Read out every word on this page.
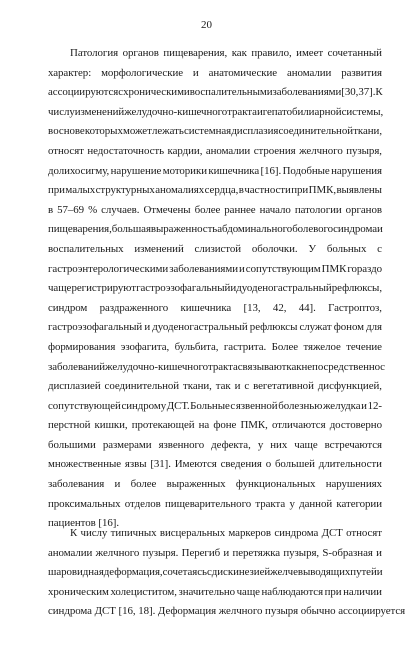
20
Патология органов пищеварения, как правило, имеет сочетанный
характер: морфологические и анатомические аномалии развития
ассоциируются с хроническими воспалительными заболеваниями [30, 37]. К
числу изменений желудочно-кишечного тракта и гепатобилиарной системы,
в основе которых может лежать системная дисплазия соединительной ткани,
относят недостаточность кардии, аномалии строения желчного пузыря,
долихосигму, нарушение моторики кишечника [16]. Подобные нарушения
при малых структурных аномалиях сердца, в частности при ПМК, выявлены
в 57–69 % случаев. Отмечены более раннее начало патологии органов
пищеварения, большая выраженность абдоминального болевого синдрома и
воспалительных изменений слизистой оболочки. У больных с
гастроэнтерологическими заболеваниями и сопутствующим ПМК гораздо
чаще регистрируют гастроэзофагальный и дуоденогастральный рефлюксы,
синдром раздраженного кишечника [13, 42, 44]. Гастроптоз,
гастроэзофагальный и дуоденогастральный рефлюксы служат фоном для
формирования эзофагита, бульбита, гастрита. Более тяжелое течение
заболеваний желудочно-кишечного тракта связывают как непосредственно с
дисплазией соединительной ткани, так и с вегетативной дисфункцией,
сопутствующей синдрому ДСТ. Больные с язвенной болезнью желудка и 12-
перстной кишки, протекающей на фоне ПМК, отличаются достоверно
большими размерами язвенного дефекта, у них чаще встречаются
множественные язвы [31]. Имеются сведения о большей длительности
заболевания и более выраженных функциональных нарушениях
проксимальных отделов пищеварительного тракта у данной категории
пациентов [16].
К числу типичных висцеральных маркеров синдрома ДСТ относят
аномалии желчного пузыря. Перегиб и перетяжка пузыря, S-образная и
шаровидная деформация, сочетаясь с дискинезией желчевыводящих путей и
хроническим холециститом, значительно чаще наблюдаются при наличии
синдрома ДСТ [16, 18]. Деформация желчного пузыря обычно ассоциируется
